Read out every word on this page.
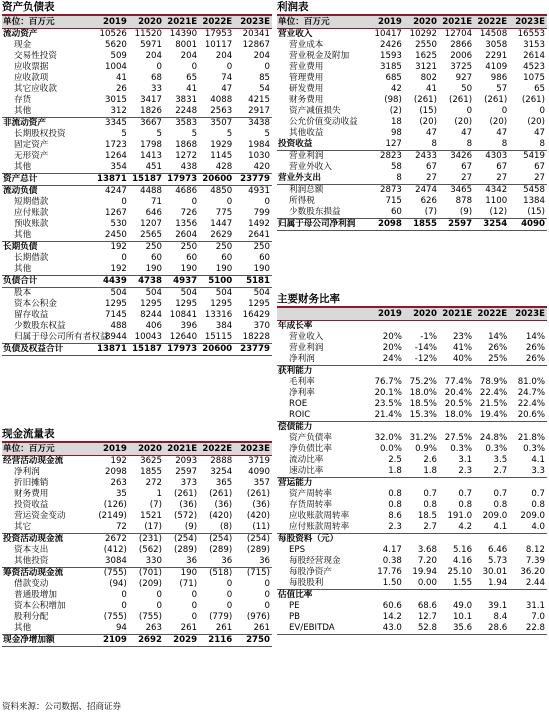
资产负债表
单位：百万元	2019	2020	2021E	2022E	2023E
流动资产	10526	11520	14390	17953	20341
现金	5620	5971	8001	10117	12867
交易性投资	509	204	204	204	204
应收票据	1004	0	0	0	0
应收款项	41	68	65	74	85
其它应收款	26	33	41	47	54
存货	3015	3417	3831	4088	4215
其他	312	1826	2248	2563	2917
非流动资产	3345	3667	3583	3507	3438
长期股权投资	5	5	5	5	5
固定资产	1723	1798	1868	1929	1984
无形资产	1264	1413	1272	1145	1030
其他	354	451	438	428	420
资产总计	13871	15187	17973	20600	23779
流动负债	4247	4488	4686	4850	4931
短期借款	0	71	0	0	0
应付账款	1267	646	726	775	799
预收账款	530	1207	1356	1447	1492
其他	2450	2565	2604	2629	2641
长期负债	192	250	250	250	250
长期借款	0	60	60	60	60
其他	192	190	190	190	190
负债合计	4439	4738	4937	5100	5181
股本	504	504	504	504	504
资本公积金	1295	1295	1295	1295	1295
留存收益	7145	8244	10841	13316	16429
少数股东权益	488	406	396	384	370
归属于母公司所有者权益	8944	10043	12640	15115	18228
负债及权益合计	13871	15187	17973	20600	23779
现金流量表
单位：百万元	2019	2020	2021E	2022E	2023E
经营活动现金流	192	3625	2093	2888	3719
净利润	2098	1855	2597	3254	4090
折旧摊销	263	272	373	365	357
财务费用	35	1	(261)	(261)	(261)
投资收益	(126)	(7)	(36)	(36)	(36)
营运资金变动	(2149)	1521	(572)	(420)	(420)
其它	72	(17)	(9)	(8)	(11)
投资活动现金流	2672	(231)	(254)	(254)	(254)
资本支出	(412)	(562)	(289)	(289)	(289)
其他投资	3084	330	36	36	36
筹资活动现金流	(755)	(701)	190	(518)	(715)
借款变动	(94)	(209)	(71)	0	0
普通股增加	0	0	0	0	0
资本公积增加	0	0	0	0	0
股利分配	(755)	(755)	0	(779)	(976)
其他	94	263	261	261	261
现金净增加额	2109	2692	2029	2116	2750
利润表
单位：百万元	2019	2020	2021E	2022E	2023E
营业收入	10417	10292	12704	14508	16553
营业成本	2426	2550	2866	3058	3153
营业税金及附加	1593	1625	2006	2291	2614
营业费用	3185	3121	3725	4109	4523
管理费用	685	802	927	986	1075
研发费用	42	41	50	57	65
财务费用	(98)	(261)	(261)	(261)	(261)
资产减值损失	(2)	(15)	0	0	0
公允价值变动收益	18	(20)	(20)	(20)	(20)
其他收益	98	47	47	47	47
投资收益	127	8	8	8	8
营业利润	2823	2433	3426	4303	5419
营业外收入	58	67	67	67	67
营业外支出	8	27	27	27	27
利润总额	2873	2474	3465	4342	5458
所得税	715	626	878	1100	1384
少数股东损益	60	(7)	(9)	(12)	(15)
归属于母公司净利润	2098	1855	2597	3254	4090
主要财务比率
	2019	2020	2021E	2022E	2023E
年成长率					
营业收入	20%	-1%	23%	14%	14%
营业利润	20%	-14%	41%	26%	26%
净利润	24%	-12%	40%	25%	26%
获利能力					
毛利率	76.7%	75.2%	77.4%	78.9%	81.0%
净利率	20.1%	18.0%	20.4%	22.4%	24.7%
ROE	23.5%	18.5%	20.5%	21.5%	22.4%
ROIC	21.4%	15.3%	18.0%	19.4%	20.6%
偿债能力					
资产负债率	32.0%	31.2%	27.5%	24.8%	21.8%
净负债比率	0.0%	0.9%	0.3%	0.3%	0.3%
流动比率	2.5	2.6	3.1	3.5	4.1
速动比率	1.8	1.8	2.3	2.7	3.3
营运能力					
资产周转率	0.8	0.7	0.7	0.7	0.7
存货周转率	0.8	0.8	0.8	0.8	0.8
应收账款周转率	8.6	18.5	191.0	209.0	209.0
应付账款周转率	2.3	2.7	4.2	4.1	4.0
每股资料（元）					
EPS	4.17	3.68	5.16	6.46	8.12
每股经营现金	0.38	7.20	4.16	5.73	7.39
每股净资产	17.76	19.94	25.10	30.01	36.20
每股股利	1.50	0.00	1.55	1.94	2.44
估值比率					
PE	60.6	68.6	49.0	39.1	31.1
PB	14.2	12.7	10.1	8.4	7.0
EV/EBITDA	43.0	52.8	35.6	28.6	22.8
资料来源：公司数据、招商证券
